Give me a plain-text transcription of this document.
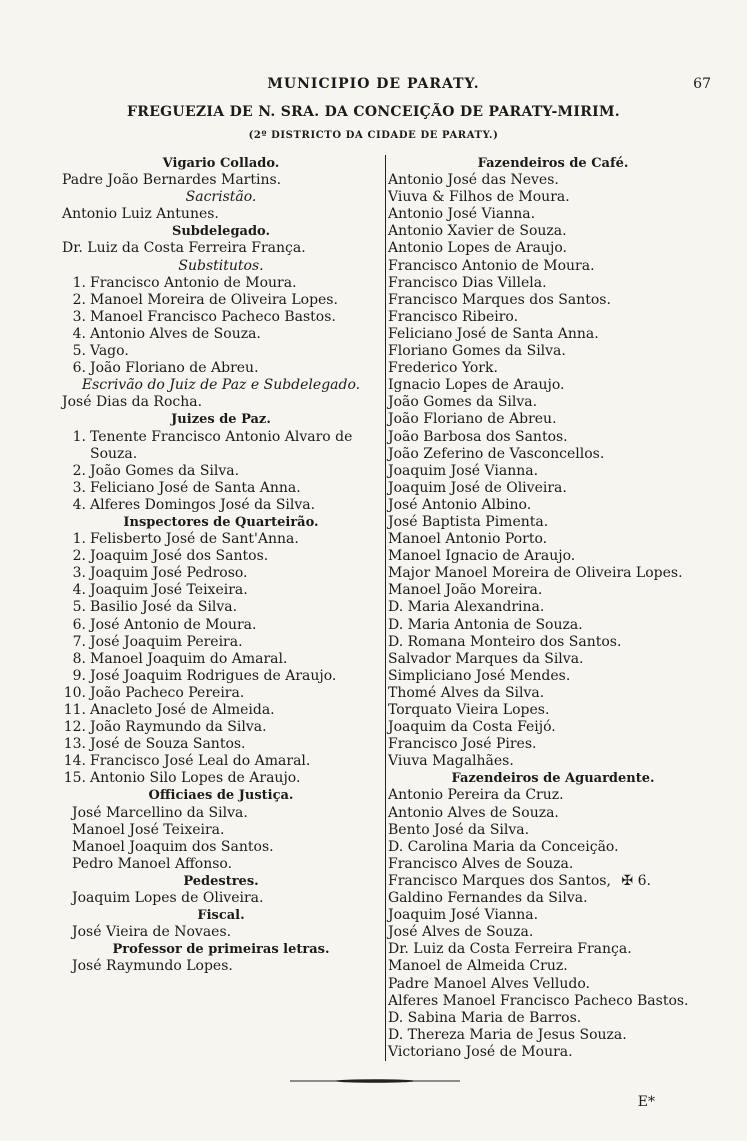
MUNICIPIO DE PARATY.	67
FREGUEZIA DE N. SRA. DA CONCEIÇÃO DE PARATY-MIRIM.
(2º DISTRICTO DA CIDADE DE PARATY.)
Vigario Collado.
Padre João Bernardes Martins.
Sacristão.
Antonio Luiz Antunes.
Subdelegado.
Dr. Luiz da Costa Ferreira França.
Substitutos.
1. Francisco Antonio de Moura.
2. Manoel Moreira de Oliveira Lopes.
3. Manoel Francisco Pacheco Bastos.
4. Antonio Alves de Souza.
5. Vago.
6. João Floriano de Abreu.
Escrivão do Juiz de Paz e Subdelegado.
José Dias da Rocha.
Juizes de Paz.
1. Tenente Francisco Antonio Alvaro de
Souza.
2. João Gomes da Silva.
3. Feliciano José de Santa Anna.
4. Alferes Domingos José da Silva.
Inspectores de Quarteirão.
1. Felisberto José de Sant'Anna.
2. Joaquim José dos Santos.
3. Joaquim José Pedroso.
4. Joaquim José Teixeira.
5. Basilio José da Silva.
6. José Antonio de Moura.
7. José Joaquim Pereira.
8. Manoel Joaquim do Amaral.
9. José Joaquim Rodrigues de Araujo.
10. João Pacheco Pereira.
11. Anacleto José de Almeida.
12. João Raymundo da Silva.
13. José de Souza Santos.
14. Francisco José Leal do Amaral.
15. Antonio Silo Lopes de Araujo.
Officiaes de Justiça.
José Marcellino da Silva.
Manoel José Teixeira.
Manoel Joaquim dos Santos.
Pedro Manoel Affonso.
Pedestres.
Joaquim Lopes de Oliveira.
Fiscal.
José Vieira de Novaes.
Professor de primeiras letras.
José Raymundo Lopes.
Fazendeiros de Café.
Antonio José das Neves.
Viuva & Filhos de Moura.
Antonio José Vianna.
Antonio Xavier de Souza.
Antonio Lopes de Araujo.
Francisco Antonio de Moura.
Francisco Dias Villela.
Francisco Marques dos Santos.
Francisco Ribeiro.
Feliciano José de Santa Anna.
Floriano Gomes da Silva.
Frederico York.
Ignacio Lopes de Araujo.
João Gomes da Silva.
João Floriano de Abreu.
João Barbosa dos Santos.
João Zeferino de Vasconcellos.
Joaquim José Vianna.
Joaquim José de Oliveira.
José Antonio Albino.
José Baptista Pimenta.
Manoel Antonio Porto.
Manoel Ignacio de Araujo.
Major Manoel Moreira de Oliveira Lopes.
Manoel João Moreira.
D. Maria Alexandrina.
D. Maria Antonia de Souza.
D. Romana Monteiro dos Santos.
Salvador Marques da Silva.
Simpliciano José Mendes.
Thomé Alves da Silva.
Torquato Vieira Lopes.
Joaquim da Costa Feijó.
Francisco José Pires.
Viuva Magalhães.
Fazendeiros de Aguardente.
Antonio Pereira da Cruz.
Antonio Alves de Souza.
Bento José da Silva.
D. Carolina Maria da Conceição.
Francisco Alves de Souza.
Francisco Marques dos Santos, ✠ 6.
Galdino Fernandes da Silva.
Joaquim José Vianna.
José Alves de Souza.
Dr. Luiz da Costa Ferreira França.
Manoel de Almeida Cruz.
Padre Manoel Alves Velludo.
Alferes Manoel Francisco Pacheco Bastos.
D. Sabina Maria de Barros.
D. Thereza Maria de Jesus Souza.
Victoriano José de Moura.
E*
